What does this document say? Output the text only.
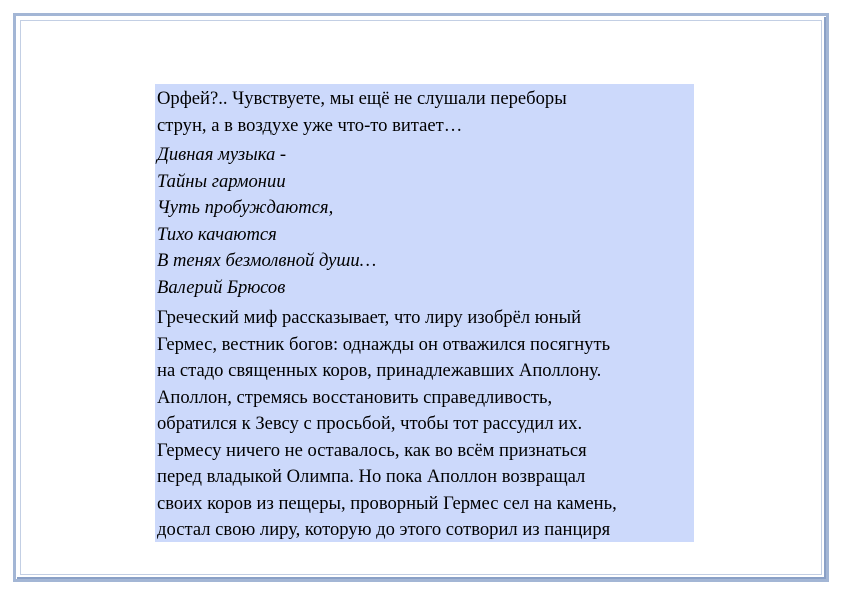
Орфей?.. Чувствуете, мы ещё не слушали переборы
струн, а в воздухе уже что-то витает…

Дивная музыка -
Тайны гармонии
Чуть пробуждаются,
Тихо качаются
В тенях безмолвной души…
Валерий Брюсов

Греческий миф рассказывает, что лиру изобрёл юный
Гермес, вестник богов: однажды он отважился посягнуть
на стадо священных коров, принадлежавших Аполлону.
Аполлон, стремясь восстановить справедливость,
обратился к Зевсу с просьбой, чтобы тот рассудил их.
Гермесу ничего не оставалось, как во всём признаться
перед владыкой Олимпа. Но пока Аполлон возвращал
своих коров из пещеры, проворный Гермес сел на камень,
достал свою лиру, которую до этого сотворил из панциря
